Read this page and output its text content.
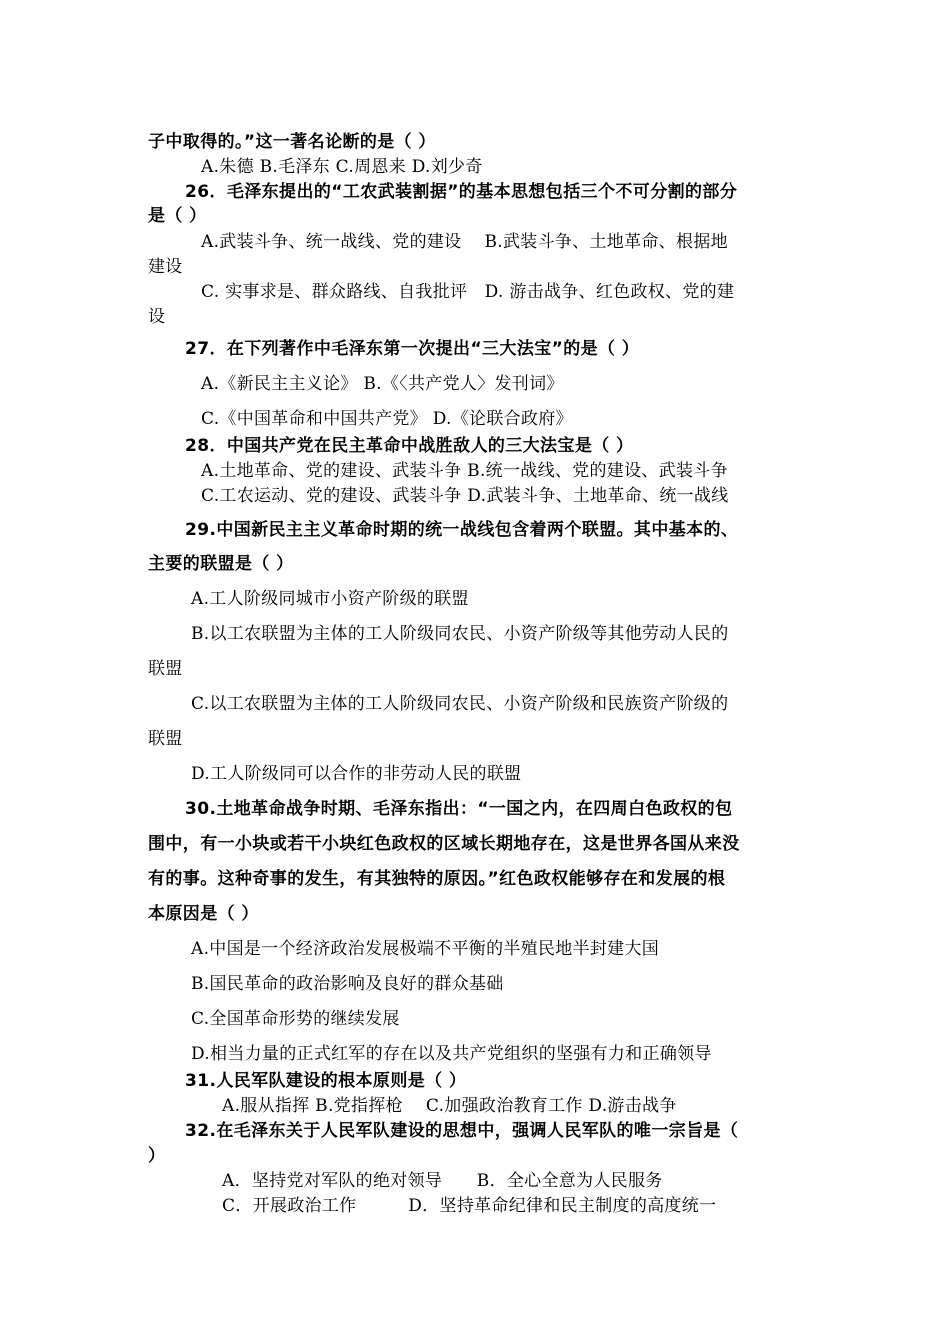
子中取得的。”这一著名论断的是（ ）
A.朱德 B.毛泽东 C.周恩来 D.刘少奇
26．毛泽东提出的“工农武装割据”的基本思想包括三个不可分割的部分
是（ ）
A.武装斗争、统一战线、党的建设　 B.武装斗争、土地革命、根据地
建设
C. 实事求是、群众路线、自我批评　D. 游击战争、红色政权、党的建
设
27．在下列著作中毛泽东第一次提出“三大法宝”的是（ ）
A.《新民主主义论》 B.《〈共产党人〉发刊词》
C.《中国革命和中国共产党》 D.《论联合政府》
28．中国共产党在民主革命中战胜敌人的三大法宝是（ ）
A.土地革命、党的建设、武装斗争 B.统一战线、党的建设、武装斗争
C.工农运动、党的建设、武装斗争 D.武装斗争、土地革命、统一战线
29.中国新民主主义革命时期的统一战线包含着两个联盟。其中基本的、
主要的联盟是（ ）
A.工人阶级同城市小资产阶级的联盟
B.以工农联盟为主体的工人阶级同农民、小资产阶级等其他劳动人民的
联盟
C.以工农联盟为主体的工人阶级同农民、小资产阶级和民族资产阶级的
联盟
D.工人阶级同可以合作的非劳动人民的联盟
30.土地革命战争时期、毛泽东指出：“一国之内，在四周白色政权的包
围中，有一小块或若干小块红色政权的区域长期地存在，这是世界各国从来没
有的事。这种奇事的发生，有其独特的原因。”红色政权能够存在和发展的根
本原因是（ ）
A.中国是一个经济政治发展极端不平衡的半殖民地半封建大国
B.国民革命的政治影响及良好的群众基础
C.全国革命形势的继续发展
D.相当力量的正式红军的存在以及共产党组织的坚强有力和正确领导
31.人民军队建设的根本原则是（ ）
A.服从指挥 B.党指挥枪　 C.加强政治教育工作 D.游击战争
32.在毛泽东关于人民军队建设的思想中，强调人民军队的唯一宗旨是（
）
A．坚持党对军队的绝对领导　　B．全心全意为人民服务
C．开展政治工作　　　D．坚持革命纪律和民主制度的高度统一
